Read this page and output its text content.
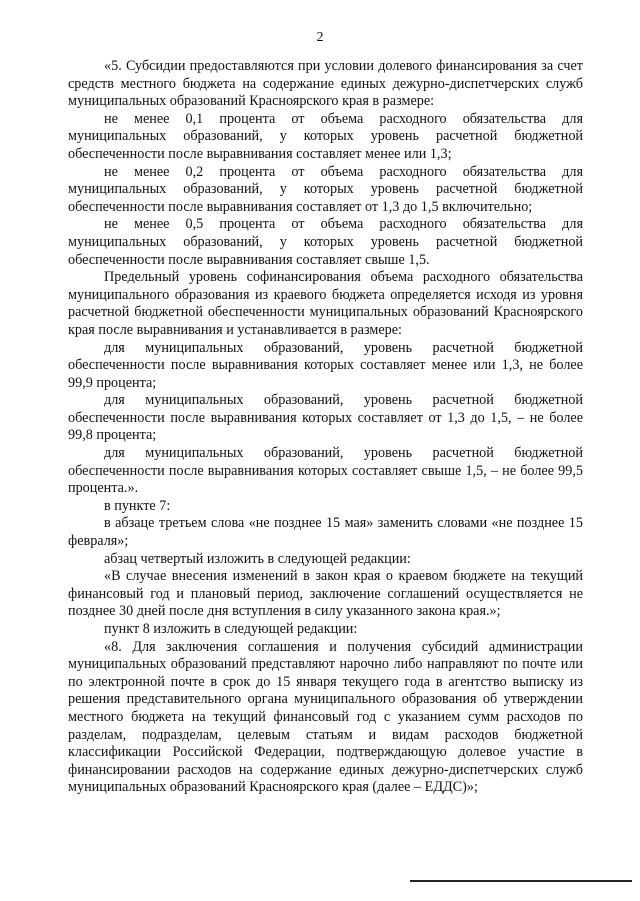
2

«5. Субсидии предоставляются при условии долевого финансирования за счет средств местного бюджета на содержание единых дежурно-диспетчерских служб муниципальных образований Красноярского края в размере:

не менее 0,1 процента от объема расходного обязательства для муниципальных образований, у которых уровень расчетной бюджетной обеспеченности после выравнивания составляет менее или 1,3;

не менее 0,2 процента от объема расходного обязательства для муниципальных образований, у которых уровень расчетной бюджетной обеспеченности после выравнивания составляет от 1,3 до 1,5 включительно;

не менее 0,5 процента от объема расходного обязательства для муниципальных образований, у которых уровень расчетной бюджетной обеспеченности после выравнивания составляет свыше 1,5.

Предельный уровень софинансирования объема расходного обязательства муниципального образования из краевого бюджета определяется исходя из уровня расчетной бюджетной обеспеченности муниципальных образований Красноярского края после выравнивания и устанавливается в размере:

для муниципальных образований, уровень расчетной бюджетной обеспеченности после выравнивания которых составляет менее или 1,3, не более 99,9 процента;

для муниципальных образований, уровень расчетной бюджетной обеспеченности после выравнивания которых составляет от 1,3 до 1,5, – не более 99,8 процента;

для муниципальных образований, уровень расчетной бюджетной обеспеченности после выравнивания которых составляет свыше 1,5, – не более 99,5 процента.».

в пункте 7:

в абзаце третьем слова «не позднее 15 мая» заменить словами «не позднее 15 февраля»;

абзац четвертый изложить в следующей редакции:

«В случае внесения изменений в закон края о краевом бюджете на текущий финансовый год и плановый период, заключение соглашений осуществляется не позднее 30 дней после дня вступления в силу указанного закона края.»;

пункт 8 изложить в следующей редакции:

«8. Для заключения соглашения и получения субсидий администрации муниципальных образований представляют нарочно либо направляют по почте или по электронной почте в срок до 15 января текущего года в агентство выписку из решения представительного органа муниципального образования об утверждении местного бюджета на текущий финансовый год с указанием сумм расходов по разделам, подразделам, целевым статьям и видам расходов бюджетной классификации Российской Федерации, подтверждающую долевое участие в финансировании расходов на содержание единых дежурно-диспетчерских служб муниципальных образований Красноярского края (далее – ЕДДС)»;
